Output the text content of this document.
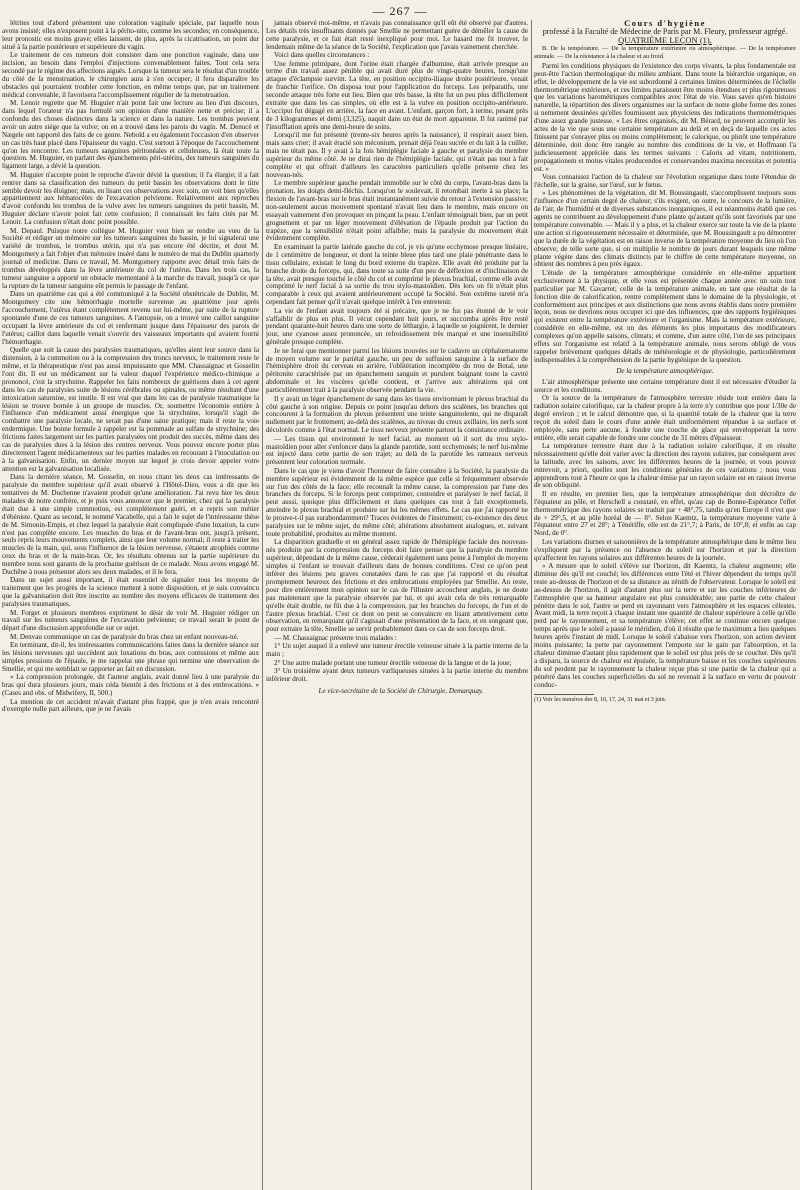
— 267 —

létrites tout d'abord présentent une coloration vaginale spéciale, par laquelle nous avons insisté; elles n'exposent point à la périto-nite, comme les secondes; en conséquence, leur pronostic est moins grave; elles laissent, de plus, après la cicatrisation, un point dur situé à la partie postérieure et supérieure du vagin.

Le traitement de ces tumeurs doit consister dans une ponction vaginale, dans une incision, au besoin dans l'emploi d'injections convenablement faites. Tout cela sera secondé par le régime des affections aiguës. Lorsque la tumeur sera le résultat d'un trouble du côté de la menstruation, le chirurgien aura à s'en occuper; il fera disparaître les obstacles qui pourraient troubler cette fonction, en même temps que, par un traitement médical convenable, il favorisera l'accomplissement régulier de la menstruation.

M. Lenoir regrette que M. Huguier n'ait point fait une lecture au lieu d'un discours, dans lequel l'orateur n'a pas formulé son opinion d'une manière nette et précise; il a confondu des choses distinctes dans la science et dans la nature. Les trombus peuvent avoir un autre siége que la vulve; on en a trouvé dans les parois du vagin. M. Denucé et Nægele ont rapporté des faits de ce genre. Nebold a eu également l'occasion d'en observer un cas très haut placé dans l'épaisseur du vagin. C'est surtout à l'époque de l'accouchement qu'on les rencontre. Les tumeurs sanguines péritonéales et celluleuses, là était toute la question. M. Huguier, en parlant des épanchements péri-utérins, des tumeurs sanguines du ligament large, a dévié la question.

M. Huguier n'accepte point le reproche d'avoir dévié la question; il l'a élargie; il a fait rentrer dans sa classification des tumeurs du petit bassin les observations dont le titre semble devoir les éloigner; mais, en lisant ces observations avec soin, on voit bien qu'elles appartiennent aux hématocèles de l'excavation pelvienne. Relativement aux reproches d'avoir confondu les trombus de la vulve avec les tumeurs sanguines du petit bassin, M. Huguier déclare n'avoir point fait cette confusion; il connaissait les faits cités par M. Lenoir. La confusion n'était donc point possible.

M. Depaul. Puisque notre collègue M. Huguier veut bien se rendre au vœu de la Société et rédiger un mémoire sur les tumeurs sanguines du bassin, je lui signalerai une variété de trombus, le trombus utérin, qui n'a pas encore été décrite, et dont M. Montgomery a fait l'objet d'un mémoire inséré dans le numéro de mai du Dublin quarterly journal of medicine. Dans ce travail, M. Montgomery rapporte avec détail trois faits de trombus développés dans la lèvre antérieure du col de l'utérus. Dans les trois cas, la tumeur sanguine a apporté un obstacle momentané à la marche du travail, jusqu'à ce que la rupture de la tumeur sanguine eût permis le passage de l'enfant.

Dans un quatrième cas qui a été communiqué à la Société obstétricale de Dublin, M. Montgomery cite une hémorrhagie mortelle survenue au quatrième jour après l'accouchement, l'utérus étant complètement revenu sur lui-même, par suite de la rupture spontanée d'une de ces tumeurs sanguines. A l'autopsie, on a trouvé une caillot sanguine occupant la lèvre antérieure du col et renfermant jusque dans l'épaisseur des parois de l'utérus; caillot dans laquelle venait s'ouvrir des vaisseaux importants qui avaient fourni l'hémorrhagie.

Quelle que soit la cause des paralysies traumatiques, qu'elles aient leur source dans la distension, à la commotion ou à la compression des troncs nerveux, le traitement reste le même, et la thérapeutique n'est pas aussi impuissante que MM. Chassaignac et Gosselin l'ont dit. Il est un médicament sur la valeur duquel l'expérience médico-chimique a prononcé, c'est la strychnine. Rappeler les faits nombreux de guérisons dues à cet agent dans les cas de paralysies suite de lésions cérébrales ou spinales, ou même résultant d'une intoxication saturnine, est inutile. Il est vrai que dans les cas de paralysie traumatique la lésion se trouve bornée à un groupe de muscles. Or, soumettre l'économie entière à l'influence d'un médicament aussi énergique que la strychnine, lorsqu'il s'agit de combattre une paralysie locale, ne serait pas d'une saine pratique; mais il reste la voie endermique. Une bonne formule à rappeler est la pommade au sulfate de strychnine; des frictions faites largement sur les parties paralysées ont produit des succès, même dans des cas de paralysies dues à la lésion des centres nerveux. Vous pouvez encore porter plus directement l'agent médicamenteux sur les parties malades en recourant à l'inoculation ou à la galvanisation. Enfin, un dernier moyen sur lequel je crois devoir appeler votre attention est la galvanisation localisée.

Dans la dernière séance, M. Gosselin, en nous citant les deux cas intéressants de paralysie du membre supérieur qu'il avait observé à l'Hôtel-Dieu, vous a dit que les tentatives de M. Duchenne n'avaient produit qu'une amélioration. J'ai revu hier les deux malades de notre confrère, et je puis vous annoncer que le premier, chez qui la paralysie était due à une simple commotion, est complètement guéri, et a repris son métier d'ébéniste. Quant au second, le nommé Vacabelle, qui a fait le sujet de l'intéressante thèse de M. Simonin-Empis, et chez lequel la paralysie était compliquée d'une luxation, la cure n'est pas complète encore. Les muscles du bras et de l'avant-bras ont, jusqu'à présent, seuls repris leurs mouvements complets, ainsi que leur volume normal; il reste à traiter les muscles de la main, qui, sous l'influence de la lésion nerveuse, s'étaient atrophiés comme ceux du bras et de la main-bras. Or, les résultats obtenus sur la partie supérieure du membre nous sont garants de la prochaine guérison de ce malade. Nous avons engagé M. Duchêne à nous présenter alors ses deux malades, et il le fera.

Dans un sujet aussi important, il était essentiel de signaler tous les moyens de traitement que les progrès de la science mettent à notre disposition, et je suis convaincu que la galvanisation doit être inscrite au nombre des moyens efficaces de traitement des paralysies traumatiques.

M. Forget et plusieurs membres expriment le désir de voir M. Huguier rédiger un travail sur les tumeurs sanguines de l'excavation pelvienne; ce travail serait le point de départ d'une discussion approfondie sur ce sujet.

M. Denvau communique un cas de paralysie du bras chez un enfant nouveau-né.

En terminant, dit-il, les intéressantes communications faites dans la dernière séance sur les lésions nerveuses qui succèdent aux luxations du bras, aux contusions et même aux simples pressions de l'épaule, je me rappelai une phrase qui termine une observation de Smellie, et qui me semblait se rapporter au fait en discussion.

« La compression prolongée, dit l'auteur anglais, avait donné lieu à une paralysie du bras qui dura plusieurs jours, mais céda bientôt à des frictions et à des embrocations. » (Cases and obs. of Midwifery, II, 500.)

La mention de cet accident m'avait d'autant plus frappé, que je n'en avais rencontré d'exemple nulle part ailleurs, que je ne l'avais

jamais observé moi-même, et n'avais pas connaissance qu'il eût été observé par d'autres. Les détails très insuffisants donnés par Smellie ne permettant guère de démêler la cause de cette paralysie, et ce fait était resté inexpliqué pour moi. Le hasard me fit trouver, le lendemain même de la séance de la Société, l'explication que j'avais vainement cherchée.

Voici dans quelles circonstances :

Une femme primipare, dont l'urine était chargée d'albumine, était arrivée presque au terme d'un travail assez pénible qui avait duré plus de vingt-quatre heures, lorsqu'une attaque d'éclampsie survint. La tête, en position occipito-iliaque droite postérieure, venait de franchir l'orifice. On disposa tout pour l'application du forceps. Les préparatifs, une seconde attaque très forte eut lieu. Bien que très basse, la tête fut un peu plus difficilement extraite que dans les cas simples, où elle est à la vulve en position occipito-antérieure. L'occiput fut dégagé en arrière, la face en avant. L'enfant, garçon fort, à terme, pesant près de 3 kilogrammes et demi (3,325), naquit dans un état de mort apparente. Il fut ranimé par l'insufflation après une demi-heure de soins.

Lorsqu'il me fut présenté (trente-six heures après la naissance), il respirait assez bien, mais sans crier; il avait éracié son méconium, prenait déjà l'eau sucrée et du lait à la cuiller, mais ne tétait pas. Il y avait à la fois hémiplégie faciale à gauche et paralysie du membre supérieur du même côté. Je ne dirai rien de l'hémiplégie faciale, qui n'était pas tout à fait complète et qui offrait d'ailleurs les caractères particuliers qu'elle présente chez les nouveau-nés.

Le membre supérieur gauche pendait immobile sur le côté du corps, l'avant-bras dans la pronation, les doigts demi-fléchis. Lorsqu'on le soulevait, il retombait inerte à sa place; la flexion de l'avant-bras sur le bras était instantanément suivie du retour à l'extension passive; non-seulement aucun mouvement spontané n'avait lieu dans le membre, mais encore on essayait vainement d'en provoquer en pinçant la peau. L'enfant témoignait bien, par un petit grognement et par un léger mouvement d'élévation de l'épaule produit par l'action du trapèze, que la sensibilité n'était point affaiblie; mais la paralysie du mouvement était évidemment complète.

En examinant la partie latérale gauche du col, je vis qu'une ecchymose presque linéaire, de 1 centimètre de longueur, et dont la teinte bleue plus tard une plaie pénétrante dans le tissu cellulaire, existait le long du bord externe du trapèze. Elle avait été produite par la branche droite du forceps, qui, dans toute sa suite d'un peu de déflexion et d'inclinaison de la tête, avait presque touché le côté du col et comprimé le plexus brachial, comme elle avait comprimé le nerf facial à sa sortie du trou stylo-mastoïdien. Dès lors on fit n'était plus comparable à ceux qui avaient antérieurement occupé la Société. Son extrême rareté m'a cependant fait penser qu'il n'avait quelque intérêt à l'en entretenir.

La vie de l'enfant avait toujours été si précaire, que je ne fus pas étonné de le voir s'affaiblir de plus en plus. Il vécut cependant huit jours, et succomba après être resté pendant quarante-huit heures dans une sorte de léthargie, à laquelle se joignirent, le dernier jour, une cyanose assez prononcée, un refroidissement très marqué et une insensibilité générale presque complète.

Je ne ferai que mentionner parmi les lésions trouvées sur le cadavre un céphalœmatome de moyen volume sur le pariétal gauche, un peu de suffusion sanguine à la surface de l'hémisphère droit du cerveau en arrière, l'oblitération incomplète du trou de Botal, une péritonite caractérisée par un épanchement sanguin et purulent baignant toute la cavité abdominale et les viscères qu'elle contient, et j'arrive aux altérations qui ont particulièrement trait à la paralysie observée pendant la vie.

Il y avait un léger épanchement de sang dans les tissus environnant le plexus brachial du côté gauche à son origine. Depuis ce point jusqu'au dehors des scalènes, les branches qui concourent à la formation du plexus présentent une teinte sanguinolente, qui ne disparaît nullement par le frottement; au-delà des scalènes, au niveau du creux axillaire, les nerfs sont décolorés comme à l'état normal. Le tissu nerveux présente partout la consistance ordinaire.

— Les tissus qui environnent le nerf facial, au moment où il sort du trou stylo-mastoïdien pour aller s'enfoncer dans la glande parotide, sont ecchymosés; le nerf lui-même est injecté dans cette partie de son trajet; au delà de la parotide les rameaux nerveux présentent leur coloration normale.

Dans le cas que je viens d'avoir l'honneur de faire connaître à la Société, la paralysie du membre supérieur est évidemment de la même espèce que celle si fréquemment observée sur l'un des côtés de la face; elle reconnaît la même cause, la compression par l'une des branches du forceps. Si le forceps peut comprimer, contondre et paralyser le nerf facial, il peut aussi, quoique plus difficilement et dans quelques cas tout à fait exceptionnels, atteindre le plexus brachial et produire sur lui les mêmes effets. Le cas que j'ai rapporté ne le prouve-t-il pas surabondamment? Traces évidentes de l'instrument; co-existence des deux paralysies sur le même sujet, du même côté; altérations absolument analogues, et, suivant toute probabilité, produites au même moment.

La disparition graduelle et en général assez rapide de l'hémiplégie faciale des nouveau-nés produite par la compression du forceps doit faire penser que la paralysie du membre supérieur, dépendant de la même cause, cèderait également sans peine à l'emploi de moyens simples si l'enfant se trouvait d'ailleurs dans de bonnes conditions. C'est ce qu'on peut inférer des lésions peu graves constatées dans le cas que j'ai rapporté et du résultat promptement heureux des frictions et des embrocations employées par Smellie. Au reste, pour dire entièrement mon opinion sur le cas de l'illustre accoucheur anglais, je ne doute pas maintenant que la paralysie observée par lui, et qui avait cela de très remarquable qu'elle était double, ne fût due à la compression, par les branches du forceps, de l'un et de l'autre plexus brachial. C'est ce dont on peut se convaincre en lisant attentivement cette observation, en remarquant qu'il s'agissait d'une présentation de la face, et en songeant que, pour extraire la tête, Smellie se servit probablement dans ce cas de son forceps droit.

— M. Chassaignac présente trois malades :

1° Un sujet auquel il a enlevé une tumeur érectile veineuse située à la partie interne de la main ;

2° Une autre malade portant une tumeur érectile veineuse de la langue et de la joue;

3° Un troisième ayant deux tumeurs varliqueuses situées à la partie interne du membre inférieur droit.

Le vice-secrétaire de la Société de Chirurgie, Demarquay.

Cours d'hygiène

professé à la Faculté de Médecine de Paris par M. Fleury, professeur agrégé.

QUATRIÈME LEÇON (1).

B. De la température. — De la température extérieure ou atmosphérique. — De la température animale. — De la résistance à la chaleur et au froid.

Parmi les conditions physiques de l'existence des corps vivants, la plus fondamentale est peut-être l'action thermologique du milieu ambiant. Dans toute la hiérarchie organique, en effet, le développement de la vie est subordonné à certaines limites déterminées de l'échelle thermométrique extérieure, et ces limites paraissent être moins étendues et plus rigoureuses que les variations barométriques compatibles avec l'état de vie. Vous savez qu'en histoire naturelle, la répartition des divers organismes sur la surface de notre globe forme des zones si nettement dessinées qu'elles fournissent aux physiciens des indications thermométriques d'une assez grande justesse. « Les êtres organisés, dit M. Bérard, ne peuvent accomplir les actes de la vie que sous une certaine température au delà et en deçà de laquelle ces actes finissent par s'enrayer plus ou moins complètement; le calorique, ou plutôt une température déterminée, doit donc être rangée au nombre des conditions de la vie, et Hoffmann l'a judicieusement appréciée dans les termes suivants : Caloris ad vitam, nutritionem, propagationem et motus vitales producendos et conservandos maxima necessitas et potentia est. »

Vous connaissez l'action de la chaleur sur l'évolution organique dans toute l'étendue de l'échelle, sur la graine, sur l'œuf, sur le fœtus.

« Les phénomènes de la végétation, dit M. Boussingault, s'accomplissent toujours sous l'influence d'un certain degré de chaleur; s'ils exigent, on outre, le concours de la lumière, de l'air, de l'humidité et de diverses substances inorganiques, il est néanmoins établi que ces agents ne contribuent au développement d'une plante qu'autant qu'ils sont favorisés par une température convenable. — Mais il y a plus, et la chaleur exerce sur toute la vie de la plante une action si rigoureusement nécessaire et déterminée, que M. Boussingault a pu démontrer que la durée de la végétation est en raison inverse de la température moyenne du lieu où l'on observe; de telle sorte que, si on multiplie le nombre de jours durant lesquels une même plante végète dans des climats distincts par le chiffre de cette température moyenne, on obtient des nombres à peu près égaux.

L'étude de la température atmosphérique considérée en elle-même appartient exclusivement à la physique, et elle vous est présentée chaque année avec un soin tout particulier par M. Gavarret; celle de la température animale, en tant que résultat de la fonction dite de calorification, rentre complètement dans le domaine de la physiologie, et conformément aux principes et aux distinctions que nous avons établis dans notre première leçon, nous ne devrions nous occuper ici que des influences, que des rapports hygiéniques qui existent entre la température extérieure et l'organisme. Mais la température extérieure, considérée en elle-même, est un des éléments les plus importants des modificateurs complexes qu'on appelle saisons, climats; et comme, d'un autre côté, l'on de ses principaux effets sur l'organisme est relatif à la température animale, nous serons obligé de vous rappeler brièvement quelques détails de météorologie et de physiologie, particulièrement indispensables à la compréhension de la partie hygiénique de la question.

De la température atmosphérique.

L'air atmosphérique présente une certaine température dont il est nécessaire d'étudier la source et les conditions.

Or la source de la température de l'atmosphère terrestre réside tout entière dans la radiation solaire calorifique, car la chaleur propre à la terre n'y contribue que pour 1/30e de degré environ ; et le calcul démontre que, si la quantité totale de la chaleur que la terre reçoit du soleil dans le cours d'une année était uniformément répandue à sa surface et employée, sans perte aucune, à fondre une couche de glace qui envelopperait la terre entière, elle serait capable de fondre une couche de 31 mètres d'épaisseur.

La température terrestre étant due à la radiation solaire calorifique, il en résulte nécessairement qu'elle doit varier avec la direction des rayons solaires, par conséquent avec la latitude, avec les saisons, avec les différentes heures de la journée, et vous pouvez entrevoir, a priori, quelles sont les conditions générales de ces variations ; nous vous apprendrons tout à l'heure ce que la chaleur émise par un rayon solaire est en raison inverse de son obliquité.

Il en résulte, en premier lieu, que la température atmosphérique doit décroître de l'équateur au pôle, et Herschell a constaté, en effet, qu'au cap de Bonne-Espérance l'effet thermométrique des rayons solaires se traduit par + 48°,75, tandis qu'en Europe il n'est que de + 29°,5, et au pôle boréal de — 8°. Selon Kaemtz, la température moyenne varie à l'équateur entre 27 et 28°; à Ténériffe, elle est de 21°,7; à Paris, de 10°,8; et enfin au cap Nord, de 0°.

Les variations diurnes et saisonnières de la température atmosphérique dans le même lieu s'expliquent par la présence ou l'absence du soleil sur l'horizon et par la direction qu'affectent les rayons solaires aux différentes heures de la journée.

« A mesure que le soleil s'élève sur l'horizon, dit Kaemtz, la chaleur augmente; elle diminue dès qu'il est couché; les différences entre l'été et l'hiver dépendent du temps qu'il reste au-dessus de l'horizon et de sa distance au zénith de l'observateur. Lorsque le soleil est au-dessus de l'horizon, il agit d'autant plus sur la terre et sur les couches inférieures de l'atmosphère que sa hauteur angulaire est plus considérable; une partie de cette chaleur pénètre dans le sol, l'autre se perd en rayonnant vers l'atmosphère et les espaces célestes. Avant midi, la terre reçoit à chaque instant une quantité de chaleur supérieure à celle qu'elle perd par le rayonnement, et sa température s'élève; cet effet se continue encore quelque temps après que le soleil a passé le méridien, d'où il résulte que le maximum a lieu quelques heures après l'instant de midi. Lorsque le soleil s'abaisse vers l'horizon, son action devient moins puissante; la perte par rayonnement l'emporte sur le gain par l'absorption, et la chaleur diminue d'autant plus rapidement que le soleil est plus près de se coucher. Dès qu'il a disparu, la source de chaleur est épuisée, la température baisse et les couches supérieures du sol perdent par le rayonnement la chaleur reçue plus si une partie de la chaleur qui a pénétré dans les couches superficielles du sol ne revenait à la surface en vertu du pouvoir conduc-

(1) Voir les numéros des 8, 10, 17, 24, 31 mai et 3 juin.
